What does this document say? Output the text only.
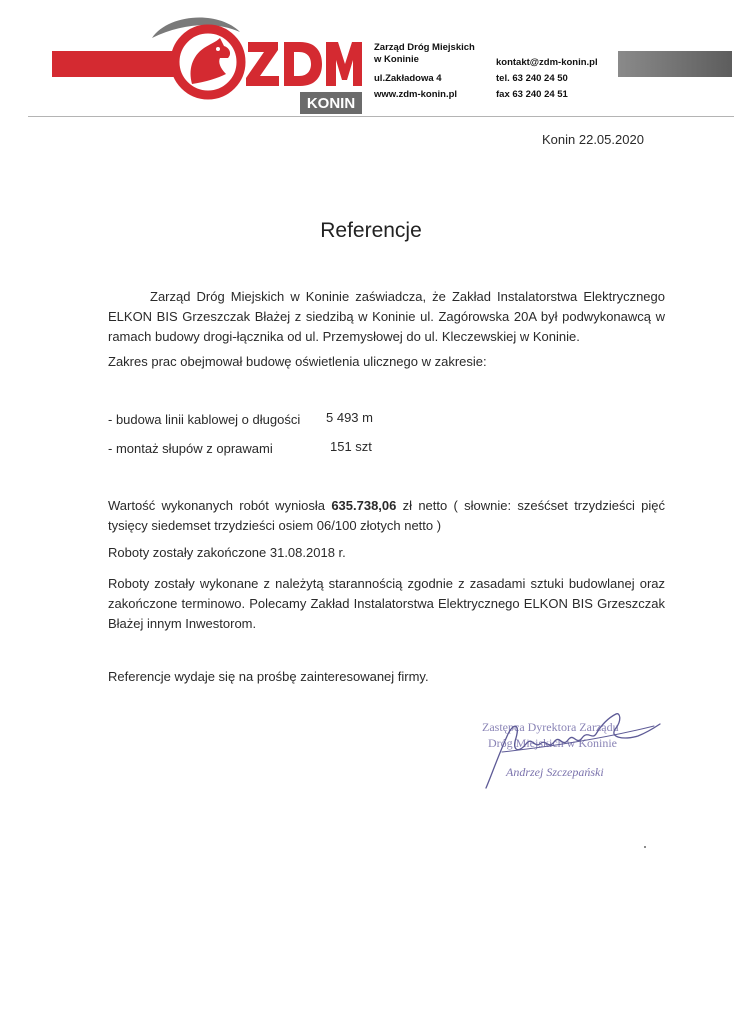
KONIN
Zarząd Dróg Miejskich
w Koninie
ul.Zakładowa 4
www.zdm-konin.pl
kontakt@zdm-konin.pl
tel. 63 240 24 50
fax 63 240 24 51
Konin 22.05.2020
Referencje
Zarząd Dróg Miejskich w Koninie zaświadcza, że Zakład Instalatorstwa Elektrycznego ELKON BIS Grzeszczak Błażej z siedzibą w Koninie ul. Zagórowska 20A był podwykonawcą w ramach budowy drogi-łącznika od ul. Przemysłowej do ul. Kleczewskiej w Koninie.
Zakres prac obejmował budowę oświetlenia ulicznego w zakresie:
- budowa linii kablowej o długości 5 493 m
- montaż słupów z oprawami	151 szt
Wartość wykonanych robót wyniosła 635.738,06 zł netto ( słownie: sześćset trzydzieści pięć tysięcy siedemset trzydzieści osiem 06/100 złotych netto )
Roboty zostały zakończone 31.08.2018 r.
Roboty zostały wykonane z należytą starannością zgodnie z zasadami sztuki budowlanej oraz zakończone terminowo. Polecamy Zakład Instalatorstwa Elektrycznego ELKON BIS Grzeszczak Błażej innym Inwestorom.
Referencje wydaje się na prośbę zainteresowanej firmy.
Zastępca Dyrektora Zarządu
Dróg Miejskich w Koninie
Andrzej Szczepański
